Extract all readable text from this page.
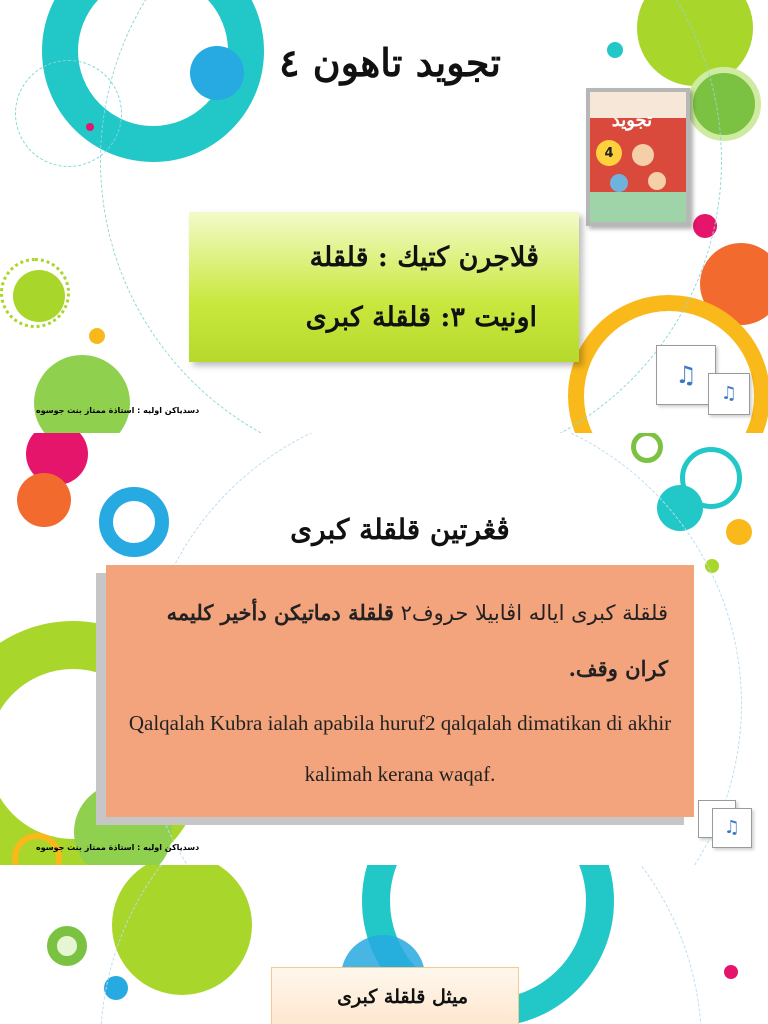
تجويد تاهون ٤
تجويد
4
ڤلاجرن كتيك : قلقلة
اونيت ٣: قلقلة كبرى
♫
♫
دسدياكن اوليه : استاذة ممتاز بنت جوسوه
ڤڠرتين قلقلة كبرى
قلقلة كبرى اياله اڤابيلا حروف٢ قلقلة دماتيكن دأخير كليمه كران وقف.
Qalqalah Kubra ialah apabila huruf2 qalqalah dimatikan di akhir kalimah kerana waqaf.
♫
دسدياكن اوليه : استاذة ممتاز بنت جوسوه
ميثل قلقلة كبرى
